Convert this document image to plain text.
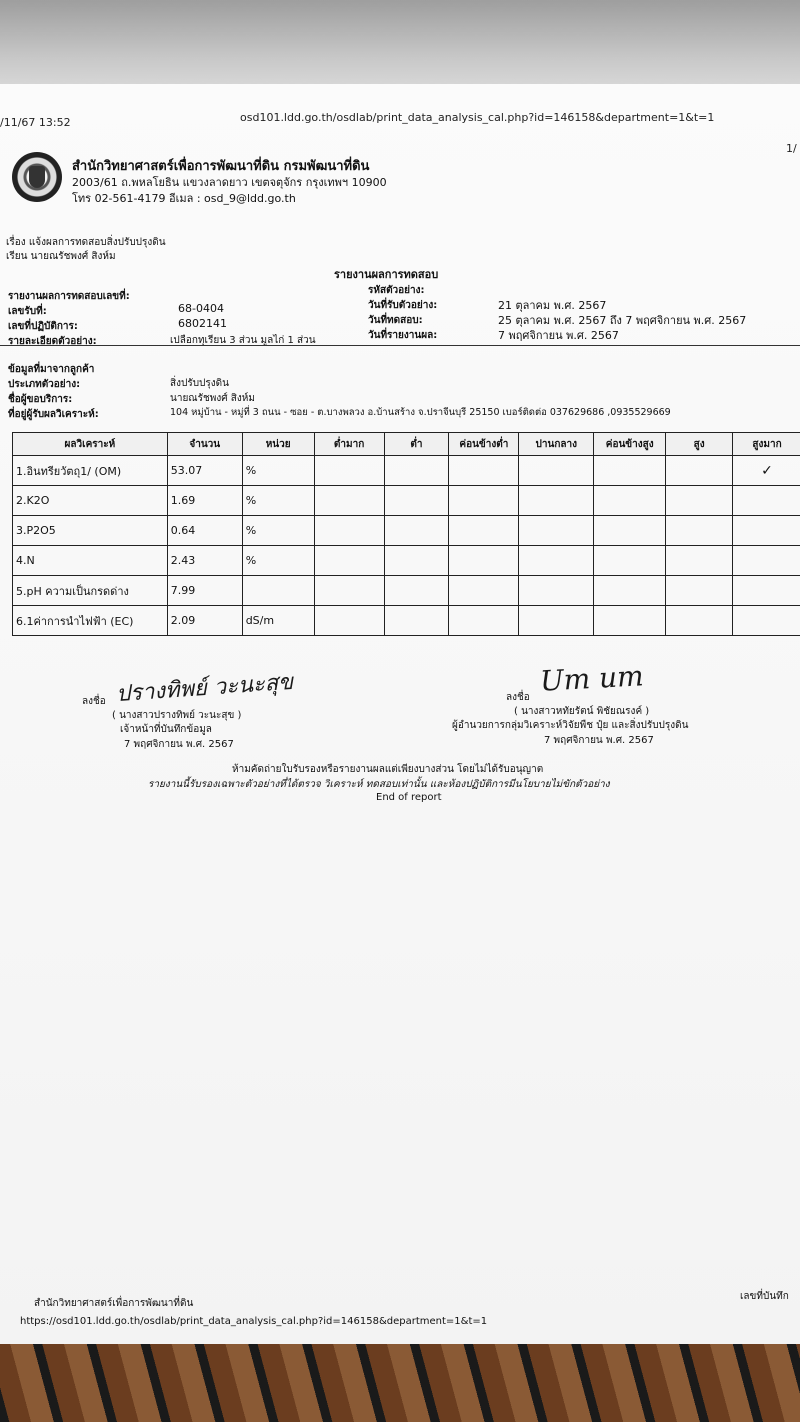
/11/67 13:52	osd101.ldd.go.th/osdlab/print_data_analysis_cal.php?id=146158&department=1&t=1
1/
สำนักวิทยาศาสตร์เพื่อการพัฒนาที่ดิน กรมพัฒนาที่ดิน
2003/61 ถ.พหลโยธิน แขวงลาดยาว เขตจตุจักร กรุงเทพฯ 10900
โทร 02-561-4179 อีเมล : osd_9@ldd.go.th
เรื่อง แจ้งผลการทดสอบสิ่งปรับปรุงดิน
เรียน นายณรัชพงศ์ สิงห์ม
รายงานผลการทดสอบ
รายงานผลการทดสอบเลขที่:
เลขรับที่:	68-0404
เลขที่ปฏิบัติการ:	6802141
รายละเอียดตัวอย่าง:	เปลือกทุเรียน 3 ส่วน มูลไก่ 1 ส่วน
รหัสตัวอย่าง:
วันที่รับตัวอย่าง:	21 ตุลาคม พ.ศ. 2567
วันที่ทดสอบ:	25 ตุลาคม พ.ศ. 2567 ถึง 7 พฤศจิกายน พ.ศ. 2567
วันที่รายงานผล:	7 พฤศจิกายน พ.ศ. 2567
ข้อมูลที่มาจากลูกค้า
ประเภทตัวอย่าง:	สิ่งปรับปรุงดิน
ชื่อผู้ขอบริการ:	นายณรัชพงศ์ สิงห์ม
ที่อยู่ผู้รับผลวิเคราะห์:	104 หมู่บ้าน - หมู่ที่ 3 ถนน - ซอย - ต.บางพลวง อ.บ้านสร้าง จ.ปราจีนบุรี 25150 เบอร์ติดต่อ 037629686 ,0935529669
ผลวิเคราะห์	จำนวน	หน่วย	ต่ำมาก	ต่ำ	ค่อนข้างต่ำ	ปานกลาง	ค่อนข้างสูง	สูง	สูงมาก
1.อินทรียวัตถุ1/ (OM)	53.07	%							✓
2.K2O	1.69	%							
3.P2O5	0.64	%							
4.N	2.43	%							
5.pH ความเป็นกรดด่าง	7.99								
6.1ค่าการนำไฟฟ้า (EC)	2.09	dS/m							
ลงชื่อ ปรางทิพย์ วะนะสุข
( นางสาวปรางทิพย์ วะนะสุข )
เจ้าหน้าที่บันทึกข้อมูล
7 พฤศจิกายน พ.ศ. 2567
ลงชื่อ Um um
( นางสาวหทัยรัตน์ พิชัยณรงค์ )
ผู้อำนวยการกลุ่มวิเคราะห์วิจัยพืช ปุ๋ย และสิ่งปรับปรุงดิน
7 พฤศจิกายน พ.ศ. 2567
ห้ามคัดถ่ายใบรับรองหรือรายงานผลแต่เพียงบางส่วน โดยไม่ได้รับอนุญาต
รายงานนี้รับรองเฉพาะตัวอย่างที่ได้ตรวจ วิเคราะห์ ทดสอบเท่านั้น และห้องปฏิบัติการมีนโยบายไม่ขักตัวอย่าง
End of report
สำนักวิทยาศาสตร์เพื่อการพัฒนาที่ดิน
เลขที่บันทึก
https://osd101.ldd.go.th/osdlab/print_data_analysis_cal.php?id=146158&department=1&t=1
